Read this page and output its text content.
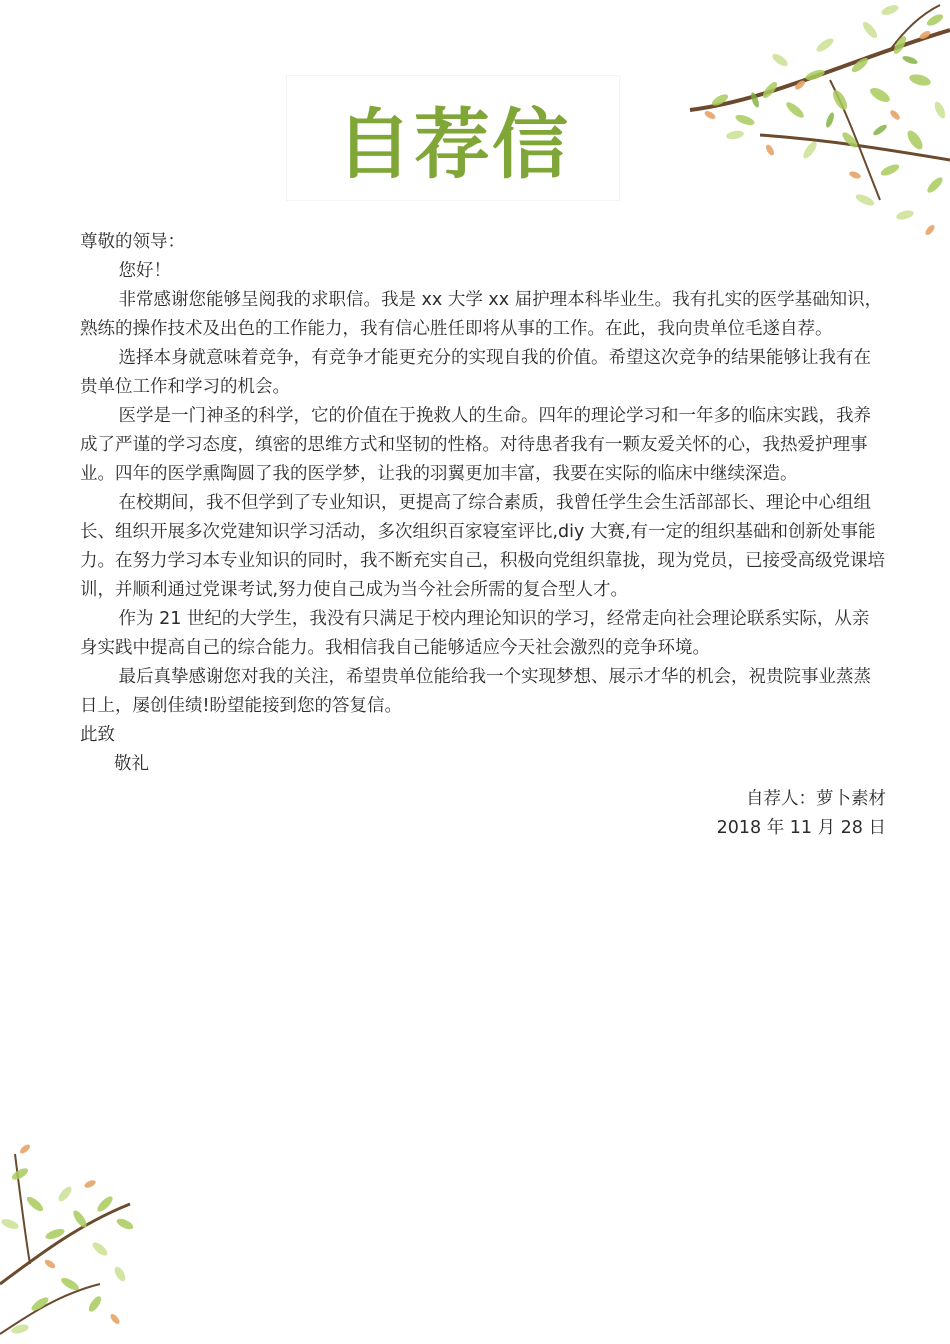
自荐信

尊敬的领导：

您好！

非常感谢您能够呈阅我的求职信。我是 xx 大学 xx 届护理本科毕业生。我有扎实的医学基础知识，熟练的操作技术及出色的工作能力，我有信心胜任即将从事的工作。在此，我向贵单位毛遂自荐。

选择本身就意味着竞争，有竞争才能更充分的实现自我的价值。希望这次竞争的结果能够让我有在贵单位工作和学习的机会。

医学是一门神圣的科学，它的价值在于挽救人的生命。四年的理论学习和一年多的临床实践，我养成了严谨的学习态度，缜密的思维方式和坚韧的性格。对待患者我有一颗友爱关怀的心，我热爱护理事业。四年的医学熏陶圆了我的医学梦，让我的羽翼更加丰富，我要在实际的临床中继续深造。

在校期间，我不但学到了专业知识，更提高了综合素质，我曾任学生会生活部部长、理论中心组组长、组织开展多次党建知识学习活动，多次组织百家寝室评比,diy 大赛,有一定的组织基础和创新处事能力。在努力学习本专业知识的同时，我不断充实自己，积极向党组织靠拢，现为党员，已接受高级党课培训，并顺利通过党课考试,努力使自己成为当今社会所需的复合型人才。

作为 21 世纪的大学生，我没有只满足于校内理论知识的学习，经常走向社会理论联系实际，从亲身实践中提高自己的综合能力。我相信我自己能够适应今天社会激烈的竞争环境。

最后真挚感谢您对我的关注，希望贵单位能给我一个实现梦想、展示才华的机会，祝贵院事业蒸蒸日上，屡创佳绩!盼望能接到您的答复信。

此致

敬礼

自荐人：萝卜素材

2018 年 11 月 28 日
